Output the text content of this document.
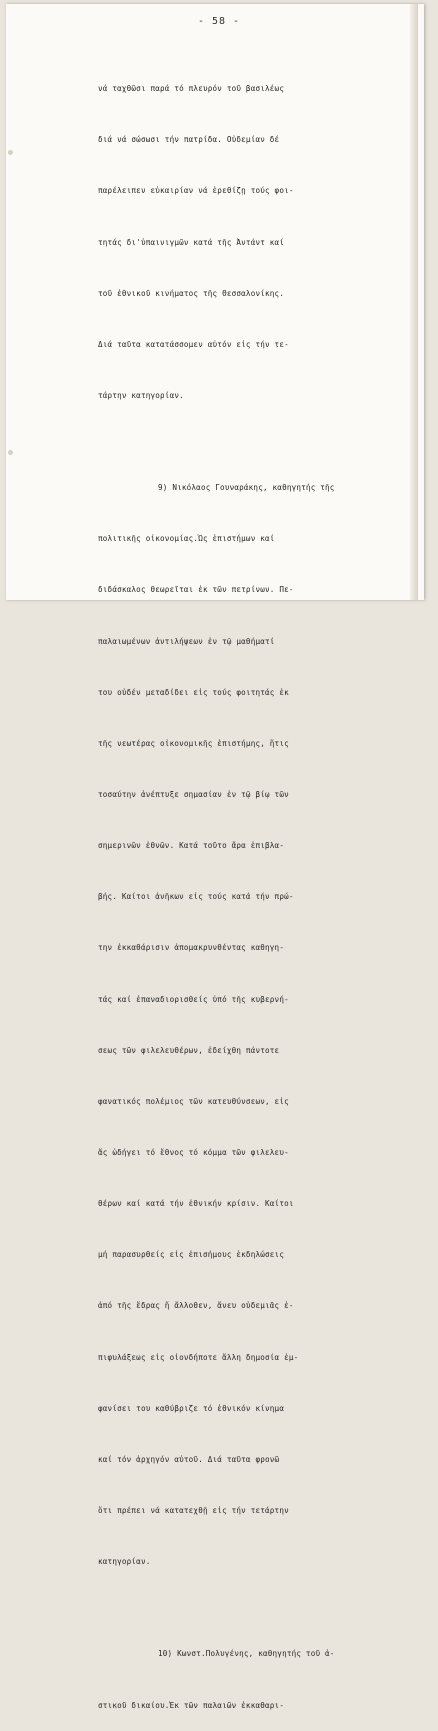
- 58 -

νά ταχθῶσι παρά τό πλευρόν τοῦ βασιλέως

διά νά σώσωσι τήν πατρίδα. Οὐδεμίαν δέ

παρέλειπεν εὐκαιρίαν νά ἐρεθίζῃ τούς φοι-

τητάς δι'ὑπαινιγμῶν κατά τῆς Ἀντάντ καί

τοῦ ἐθνικοῦ κινήματος τῆς Θεσσαλονίκης.

Διά ταῦτα κατατάσσομεν αὐτόν εἰς τήν τε-

τάρτην κατηγορίαν.

9) Νικόλαος Γουναράκης, καθηγητής τῆς

πολιτικῆς οἰκονομίας.Ὡς ἐπιστήμων καί

διδάσκαλος θεωρεῖται ἐκ τῶν πετρίνων. Πε-

παλαιωμένων ἀντιλήψεων ἐν τῷ μαθήματί

του οὐδέν μεταδίδει εἰς τούς φοιτητάς ἐκ

τῆς νεωτέρας οἰκονομικῆς ἐπιστήμης, ἥτις

τοσαύτην ἀνέπτυξε σημασίαν ἐν τῷ βίῳ τῶν

σημερινῶν ἐθνῶν. Κατά τοῦτο ἄρα ἐπιβλα-

βής. Καίτοι ἀνῆκων εἰς τούς κατά τήν πρώ-

την ἐκκαθάρισιν ἀπομακρυνθέντας καθηγη-

τάς καί ἐπαναδιορισθείς ὑπό τῆς κυβερνή-

σεως τῶν φιλελευθέρων, ἐδείχθη πάντοτε

φανατικός πολέμιος τῶν κατευθύνσεων, εἰς

ἅς ὡδήγει τό ἔθνος τό κόμμα τῶν φιλελευ-

θέρων καί κατά τήν ἐθνικήν κρίσιν. Καίτοι

μή παρασυρθείς εἰς ἐπισήμους ἐκδηλώσεις

ἀπό τῆς ἕδρας ἤ ἄλλοθεν, ἄνευ οὐδεμιᾶς ἐ-

πιφυλάξεως εἰς οἱονδήποτε ἄλλη δημοσία ἐμ-

φανίσει του καθύβριζε τό ἐθνικόν κίνημα

καί τόν ἀρχηγόν αὐτοῦ. Διά ταῦτα φρονῶ

ὅτι πρέπει νά κατατεχθῇ εἰς τήν τετάρτην

κατηγορίαν.

10) Κωνστ.Πολυγένης, καθηγητής τοῦ ἀ-

στικοῦ δικαίου.Ἐκ τῶν παλαιῶν ἐκκαθαρι-
